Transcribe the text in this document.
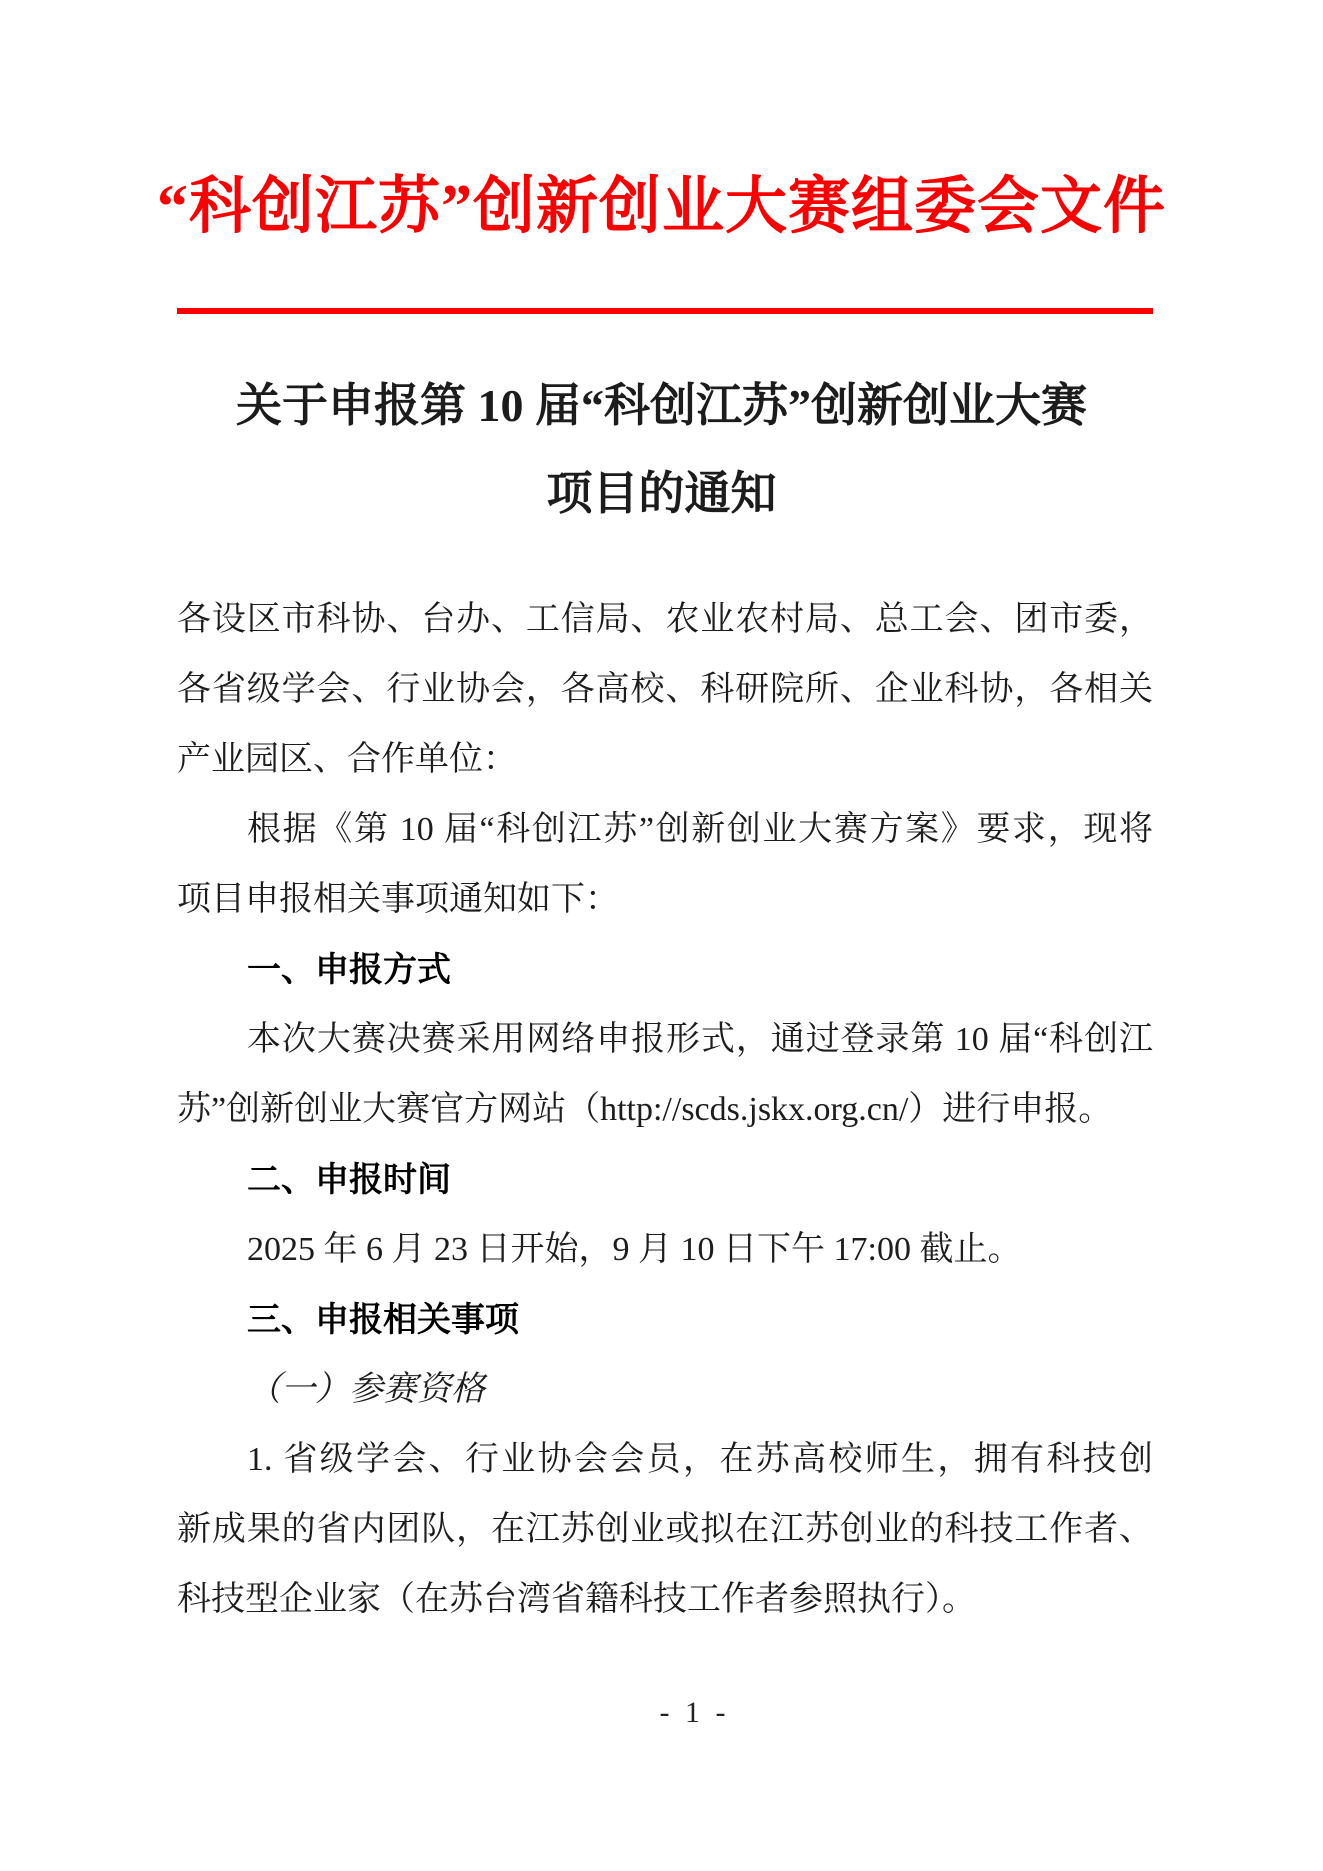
“科创江苏”创新创业大赛组委会文件
关于申报第 10 届“科创江苏”创新创业大赛
项目的通知
各设区市科协、台办、工信局、农业农村局、总工会、团市委，
各省级学会、行业协会，各高校、科研院所、企业科协，各相关
产业园区、合作单位：
根据《第 10 届“科创江苏”创新创业大赛方案》要求，现将
项目申报相关事项通知如下：
一、申报方式
本次大赛决赛采用网络申报形式，通过登录第 10 届“科创江
苏”创新创业大赛官方网站（http://scds.jskx.org.cn/）进行申报。
二、申报时间
2025 年 6 月 23 日开始，9 月 10 日下午 17:00 截止。
三、申报相关事项
（一）参赛资格
1. 省级学会、行业协会会员，在苏高校师生，拥有科技创
新成果的省内团队，在江苏创业或拟在江苏创业的科技工作者、
科技型企业家（在苏台湾省籍科技工作者参照执行）。
- 1 -
